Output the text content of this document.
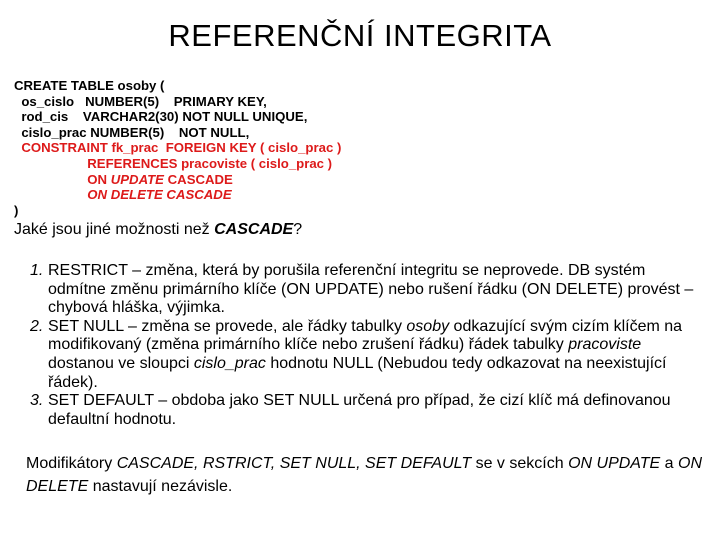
REFERENČNÍ INTEGRITA
CREATE TABLE osoby (
os_cislo   NUMBER(5)    PRIMARY KEY,
rod_cis    VARCHAR2(30) NOT NULL UNIQUE,
cislo_prac NUMBER(5)    NOT NULL,
CONSTRAINT fk_prac  FOREIGN KEY ( cislo_prac )
REFERENCES pracoviste ( cislo_prac )
ON UPDATE CASCADE
ON DELETE CASCADE
)
Jaké jsou jiné možnosti než CASCADE?

1. RESTRICT – změna, která by porušila referenční integritu se neprovede. DB systém odmítne změnu primárního klíče (ON UPDATE) nebo rušení řádku (ON DELETE) provést – chybová hláška, výjimka.

2. SET NULL – změna se provede, ale řádky tabulky osoby odkazující svým cizím klíčem na modifikovaný (změna primárního klíče nebo zrušení řádku) řádek tabulky pracoviste dostanou ve sloupci cislo_prac hodnotu NULL (Nebudou tedy odkazovat na neexistující řádek).

3. SET DEFAULT – obdoba jako SET NULL určená pro případ, že cizí klíč má definovanou defaultní hodnotu.

Modifikátory CASCADE, RSTRICT, SET NULL, SET DEFAULT se v sekcích ON UPDATE a ON DELETE nastavují nezávisle.
